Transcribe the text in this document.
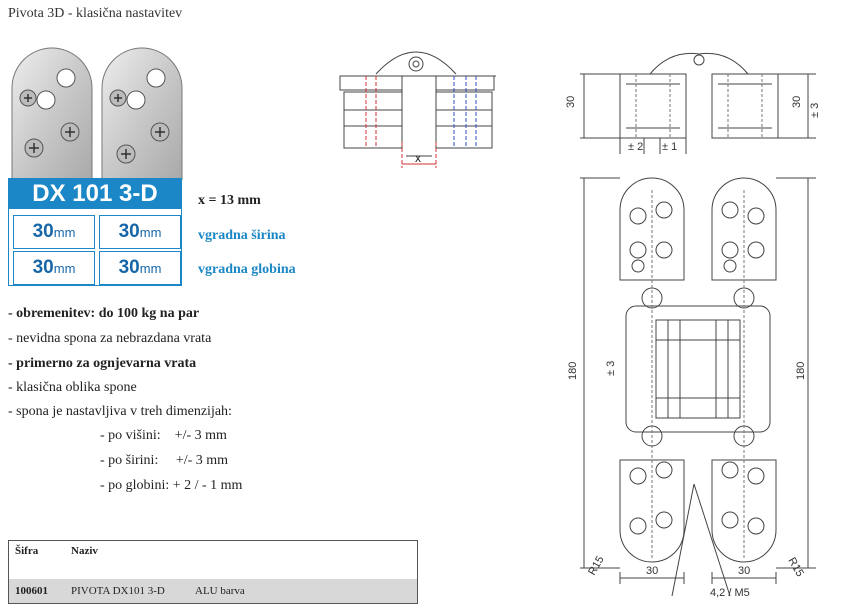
Pivota 3D - klasična nastavitev
DX 101 3-D
30mm	30mm
30mm	30mm
x = 13 mm
vgradna širina
vgradna globina
- obremenitev: do 100 kg na par
- nevidna spona za nebrazdana vrata
- primerno za ognjevarna vrata
- klasična oblika spone
- spona je nastavljiva v treh dimenzijah:
- po višini:    +/- 3 mm
- po širini:     +/- 3 mm
- po globini: + 2 / - 1 mm
Šifra	Naziv
100601 PIVOTA DX101 3-D	ALU barva
x
30	30
± 3
± 2 ± 1
180	180
± 3
R15	R15
30	30
4,2 / M5
